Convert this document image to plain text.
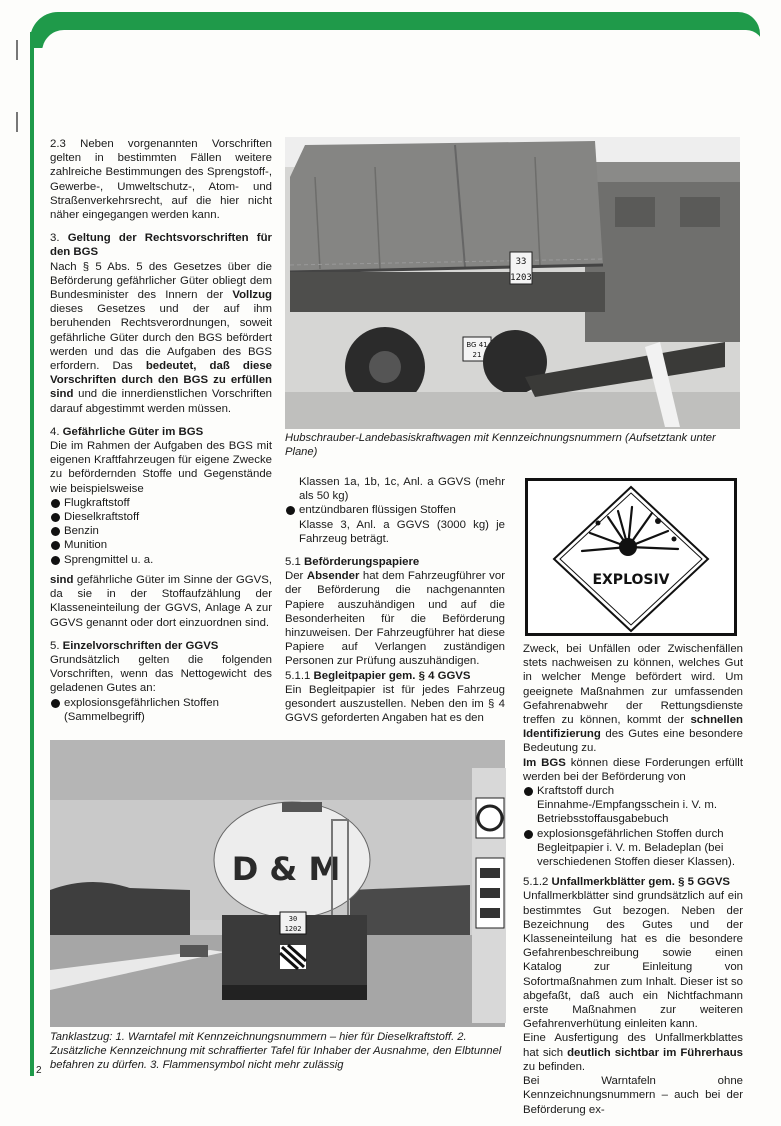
2.3 Neben vorgenannten Vorschriften gelten in bestimmten Fällen weitere zahlreiche Bestimmungen des Sprengstoff-, Gewerbe-, Umweltschutz-, Atom- und Straßenverkehrsrecht, auf die hier nicht näher eingegangen werden kann.

3. Geltung der Rechtsvorschriften für den BGS
Nach § 5 Abs. 5 des Gesetzes über die Beförderung gefährlicher Güter obliegt dem Bundesminister des Innern der Vollzug dieses Gesetzes und der auf ihm beruhenden Rechtsverordnungen, soweit gefährliche Güter durch den BGS befördert werden und das die Aufgaben des BGS erfordern. Das bedeutet, daß diese Vorschriften durch den BGS zu erfüllen sind und die innerdienstlichen Vorschriften darauf abgestimmt werden müssen.

4. Gefährliche Güter im BGS
Die im Rahmen der Aufgaben des BGS mit eigenen Kraftfahrzeugen für eigene Zwecke zu befördernden Stoffe und Gegenstände wie beispielsweise

Flugkraftstoff
Dieselkraftstoff
Benzin
Munition
Sprengmittel u. a.

sind gefährliche Güter im Sinne der GGVS, da sie in der Stoffaufzählung der Klasseneinteilung der GGVS, Anlage A zur GGVS genannt oder dort einzuordnen sind.

5. Einzelvorschriften der GGVS
Grundsätzlich gelten die folgenden Vorschriften, wenn das Nettogewicht des geladenen Gutes an:

explosionsgefährlichen Stoffen (Sammelbegriff)
33
1203
BG 41
21
Hubschrauber-Landebasiskraftwagen mit Kennzeichnungsnummern (Aufsetztank unter Plane)

Klassen 1a, 1b, 1c, Anl. a GGVS (mehr als 50 kg)

entzündbaren flüssigen Stoffen

Klasse 3, Anl. a GGVS (3000 kg) je Fahrzeug beträgt.

5.1 Beförderungspapiere
Der Absender hat dem Fahrzeugführer vor der Beförderung die nachgenannten Papiere auszuhändigen und auf die Besonderheiten für die Beförderung hinzuweisen. Der Fahrzeugführer hat diese Papiere auf Verlangen zuständigen Personen zur Prüfung auszuhändigen.
5.1.1 Begleitpapier gem. § 4 GGVS
Ein Begleitpapier ist für jedes Fahrzeug gesondert auszustellen. Neben den im § 4 GGVS geforderten Angaben hat es den

EXPLOSIV

Zweck, bei Unfällen oder Zwischenfällen stets nachweisen zu können, welches Gut in welcher Menge befördert wird. Um geeignete Maßnahmen zur umfassenden Gefahrenabwehr der Rettungsdienste treffen zu können, kommt der schnellen Identifizierung des Gutes eine besondere Bedeutung zu.
Im BGS können diese Forderungen erfüllt werden bei der Beförderung von

Kraftstoff durch Einnahme-/Empfangsschein i. V. m. Betriebsstoffausgabebuch
explosionsgefährlichen Stoffen durch Begleitpapier i. V. m. Beladeplan (bei verschiedenen Stoffen dieser Klassen).

5.1.2 Unfallmerkblätter gem. § 5 GGVS
Unfallmerkblätter sind grundsätzlich auf ein bestimmtes Gut bezogen. Neben der Bezeichnung des Gutes und der Klasseneinteilung hat es die besondere Gefahrenbeschreibung sowie einen Katalog zur Einleitung von Sofortmaßnahmen zum Inhalt. Dieser ist so abgefaßt, daß auch ein Nichtfachmann erste Maßnahmen zur weiteren Gefahrenverhütung einleiten kann.
Eine Ausfertigung des Unfallmerkblattes hat sich deutlich sichtbar im Führerhaus zu befinden.
Bei Warntafeln ohne Kennzeichnungsnummern – auch bei der Beförderung ex-

D & M
30
1202
Tanklastzug: 1. Warntafel mit Kennzeichnungsnummern – hier für Dieselkraftstoff. 2. Zusätzliche Kennzeichnung mit schraffierter Tafel für Inhaber der Ausnahme, den Elbtunnel befahren zu dürfen. 3. Flammensymbol nicht mehr zulässig
2
